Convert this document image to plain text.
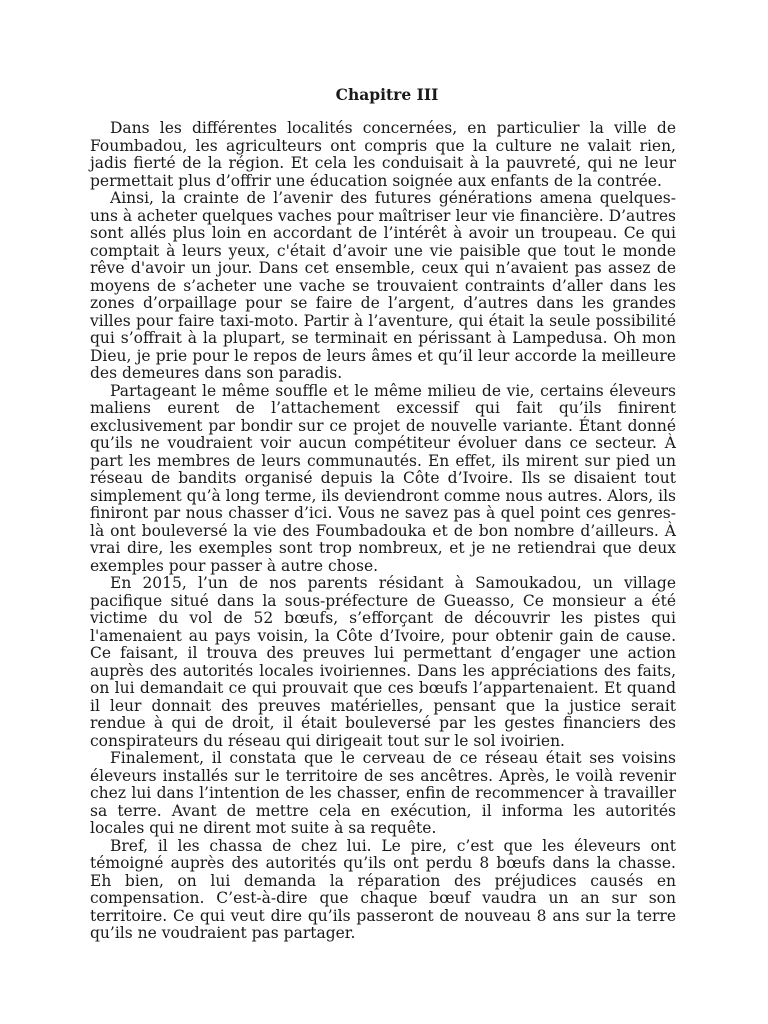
Chapitre III

Dans les différentes localités concernées, en particulier la ville de Foumbadou, les agriculteurs ont compris que la culture ne valait rien, jadis fierté de la région. Et cela les conduisait à la pauvreté, qui ne leur permettait plus d’offrir une éducation soignée aux enfants de la contrée.

Ainsi, la crainte de l’avenir des futures générations amena quelques-uns à acheter quelques vaches pour maîtriser leur vie financière. D’autres sont allés plus loin en accordant de l’intérêt à avoir un troupeau. Ce qui comptait à leurs yeux, c'était d’avoir une vie paisible que tout le monde rêve d'avoir un jour. Dans cet ensemble, ceux qui n’avaient pas assez de moyens de s’acheter une vache se trouvaient contraints d’aller dans les zones d’orpaillage pour se faire de l’argent, d’autres dans les grandes villes pour faire taxi-moto. Partir à l’aventure, qui était la seule possibilité qui s’offrait à la plupart, se terminait en périssant à Lampedusa. Oh mon Dieu, je prie pour le repos de leurs âmes et qu’il leur accorde la meilleure des demeures dans son paradis.

Partageant le même souffle et le même milieu de vie, certains éleveurs maliens eurent de l’attachement excessif qui fait qu’ils finirent exclusivement par bondir sur ce projet de nouvelle variante. Étant donné qu’ils ne voudraient voir aucun compétiteur évoluer dans ce secteur. À part les membres de leurs communautés. En effet, ils mirent sur pied un réseau de bandits organisé depuis la Côte d’Ivoire. Ils se disaient tout simplement qu’à long terme, ils deviendront comme nous autres. Alors, ils finiront par nous chasser d’ici. Vous ne savez pas à quel point ces genres-là ont bouleversé la vie des Foumbadouka et de bon nombre d’ailleurs. À vrai dire, les exemples sont trop nombreux, et je ne retiendrai que deux exemples pour passer à autre chose.

En 2015, l’un de nos parents résidant à Samoukadou, un village pacifique situé dans la sous-préfecture de Gueasso, Ce monsieur a été victime du vol de 52 bœufs, s’efforçant de découvrir les pistes qui l'amenaient au pays voisin, la Côte d’Ivoire, pour obtenir gain de cause. Ce faisant, il trouva des preuves lui permettant d’engager une action auprès des autorités locales ivoiriennes. Dans les appréciations des faits, on lui demandait ce qui prouvait que ces bœufs l’appartenaient. Et quand il leur donnait des preuves matérielles, pensant que la justice serait rendue à qui de droit, il était bouleversé par les gestes financiers des conspirateurs du réseau qui dirigeait tout sur le sol ivoirien.

Finalement, il constata que le cerveau de ce réseau était ses voisins éleveurs installés sur le territoire de ses ancêtres. Après, le voilà revenir chez lui dans l’intention de les chasser, enfin de recommencer à travailler sa terre. Avant de mettre cela en exécution, il informa les autorités locales qui ne dirent mot suite à sa requête.

Bref, il les chassa de chez lui. Le pire, c’est que les éleveurs ont témoigné auprès des autorités qu’ils ont perdu 8 bœufs dans la chasse. Eh bien, on lui demanda la réparation des préjudices causés en compensation. C’est-à-dire que chaque bœuf vaudra un an sur son territoire. Ce qui veut dire qu’ils passeront de nouveau 8 ans sur la terre qu’ils ne voudraient pas partager.
